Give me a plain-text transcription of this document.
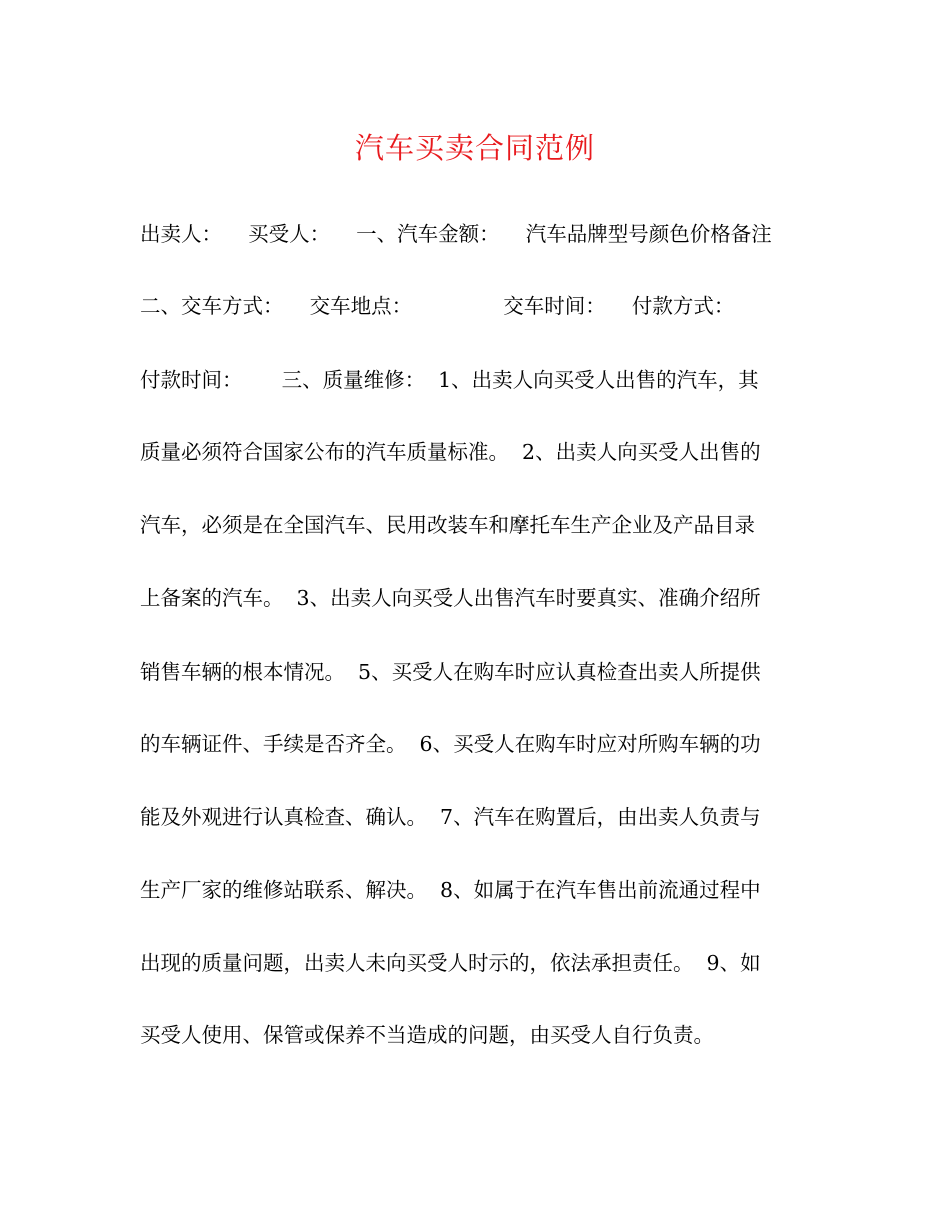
汽车买卖合同范例
出卖人：    买受人：    一、汽车金额：    汽车品牌型号颜色价格备注
二、交车方式：    交车地点：              交车时间：    付款方式：
付款时间：      三、质量维修：  1、出卖人向买受人出售的汽车，其
质量必须符合国家公布的汽车质量标准。  2、出卖人向买受人出售的
汽车，必须是在全国汽车、民用改装车和摩托车生产企业及产品目录
上备案的汽车。  3、出卖人向买受人出售汽车时要真实、准确介绍所
销售车辆的根本情况。  5、买受人在购车时应认真检查出卖人所提供
的车辆证件、手续是否齐全。  6、买受人在购车时应对所购车辆的功
能及外观进行认真检查、确认。  7、汽车在购置后，由出卖人负责与
生产厂家的维修站联系、解决。  8、如属于在汽车售出前流通过程中
出现的质量问题，出卖人未向买受人时示的，依法承担责任。  9、如
买受人使用、保管或保养不当造成的问题，由买受人自行负责。
